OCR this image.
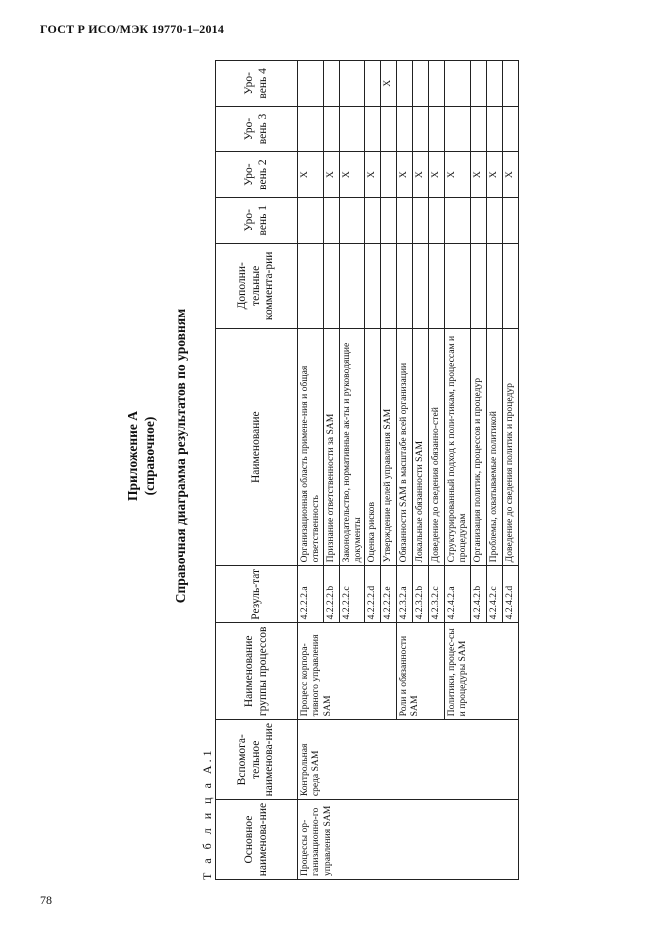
ГОСТ Р ИСО/МЭК 19770-1–2014
Приложение А (справочное) Справочная диаграмма результатов по уровням
Т а б л и ц а А.1	Основное наименова-ние	Вспомога-тельное наименова-ние	Наименование группы процессов	Резуль-тат	Наименование	Дополни-тельные коммента-рии	Уро-вень 1	Уро-вень 2	Уро-вень 3	Уро-вень 4
Процессы ор-ганизационно-го управления SAM	Контрольная среда SAM	Процесс корпора-тивного управления SAM	4.2.2.2.a	Организационная область примене-ния и общая ответственность			X		
			4.2.2.2.b	Признание ответственности за SAM			X		
			4.2.2.2.c	Законодательство, нормативные ак-ты и руководящие документы			X		
			4.2.2.2.d	Оценка рисков			X		
			4.2.2.2.e	Утверждение целей управления SAM					X
		Роли и обязанности SAM	4.2.3.2.a	Обязанности SAM в масштабе всей организации			X		
			4.2.3.2.b	Локальные обязанности SAM			X		
			4.2.3.2.c	Доведение до сведения обязанно-стей			X		
		Политики, процес-сы и процедуры SAM	4.2.4.2.a	Структурированный подход к поли-тикам, процессам и процедурам			X		
			4.2.4.2.b	Организация политик, процессов и процедур			X		
			4.2.4.2.c	Проблемы, охватываемые политикой			X		
			4.2.4.2.d	Доведение до сведения политик и процедур			X		
78
